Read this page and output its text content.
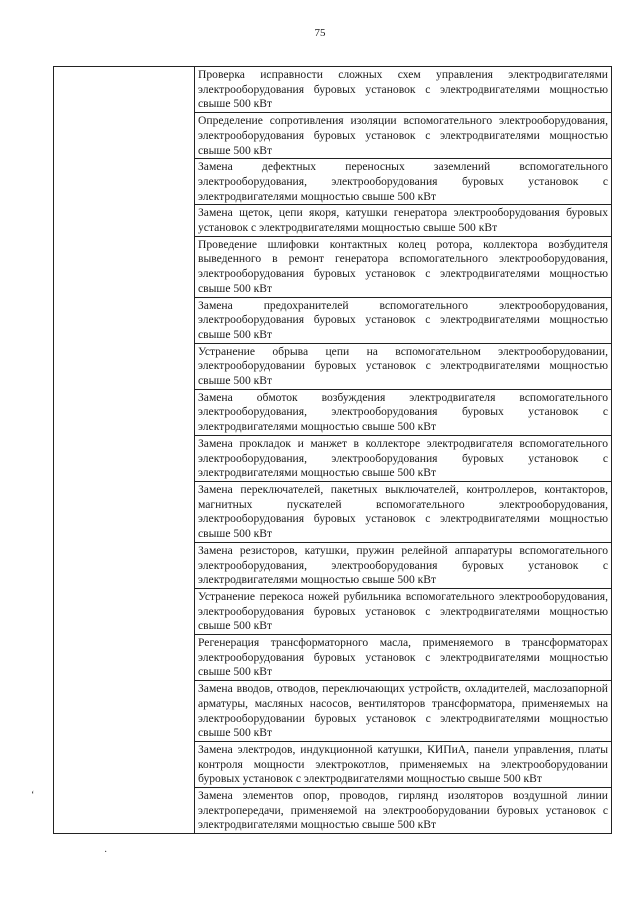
75
	Проверка исправности сложных схем управления электродвигателями электрооборудования буровых установок с электродвигателями мощностью свыше 500 кВт
Определение сопротивления изоляции вспомогательного электрооборудования, электрооборудования буровых установок с электродвигателями мощностью свыше 500 кВт
Замена дефектных переносных заземлений вспомогательного электрооборудования, электрооборудования буровых установок с электродвигателями мощностью свыше 500 кВт
Замена щеток, цепи якоря, катушки генератора электрооборудования буровых установок с электродвигателями мощностью свыше 500 кВт
Проведение шлифовки контактных колец ротора, коллектора возбудителя выведенного в ремонт генератора вспомогательного электрооборудования, электрооборудования буровых установок с электродвигателями мощностью свыше 500 кВт
Замена предохранителей вспомогательного электрооборудования, электрооборудования буровых установок с электродвигателями мощностью свыше 500 кВт
Устранение обрыва цепи на вспомогательном электрооборудовании, электрооборудовании буровых установок с электродвигателями мощностью свыше 500 кВт
Замена обмоток возбуждения электродвигателя вспомогательного электрооборудования, электрооборудования буровых установок с электродвигателями мощностью свыше 500 кВт
Замена прокладок и манжет в коллекторе электродвигателя вспомогательного электрооборудования, электрооборудования буровых установок с электродвигателями мощностью свыше 500 кВт
Замена переключателей, пакетных выключателей, контроллеров, контакторов, магнитных пускателей вспомогательного электрооборудования, электрооборудования буровых установок с электродвигателями мощностью свыше 500 кВт
Замена резисторов, катушки, пружин релейной аппаратуры вспомогательного электрооборудования, электрооборудования буровых установок с электродвигателями мощностью свыше 500 кВт
Устранение перекоса ножей рубильника вспомогательного электрооборудования, электрооборудования буровых установок с электродвигателями мощностью свыше 500 кВт
Регенерация трансформаторного масла, применяемого в трансформаторах электрооборудования буровых установок с электродвигателями мощностью свыше 500 кВт
Замена вводов, отводов, переключающих устройств, охладителей, маслозапорной арматуры, масляных насосов, вентиляторов трансформатора, применяемых на электрооборудовании буровых установок с электродвигателями мощностью свыше 500 кВт
Замена электродов, индукционной катушки, КИПиА, панели управления, платы контроля мощности электрокотлов, применяемых на электрооборудовании буровых установок с электродвигателями мощностью свыше 500 кВт
Замена элементов опор, проводов, гирлянд изоляторов воздушной линии электропередачи, применяемой на электрооборудовании буровых установок с электродвигателями мощностью свыше 500 кВт
‘
·
